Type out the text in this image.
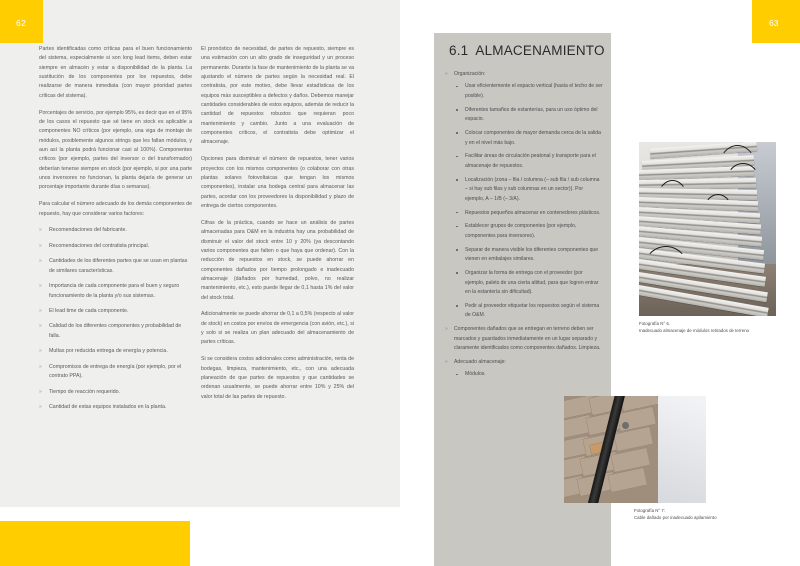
62

Partes identificadas como críticas para el buen funcionamiento del sistema, especialmente si son long lead items, deben estar siempre en almacén y estar a disponibilidad de la planta. La sustitución de los componentes por los repuestos, debe realizarse de manera inmediata (con mayor prioridad partes críticas del sistema).

Porcentajes de servicio, por ejemplo 95%, es decir que en el 95% de los casos el repuesto que sé tiene en stock es aplicable a componentes NO críticos (por ejemplo, una viga de montaje de módulos, posiblemente algunos strings que les faltan módulos, y aun así la planta podrá funcionar casi al 100%). Componentes críticos (por ejemplo, partes del inversor o del transformador) deberían tenerse siempre en stock (por ejemplo, si por una parte unos inversores no funcionan, la planta dejaría de generar un porcentaje importante durante días o semanas).

Para calcular el número adecuado de los demás componentes de repuesto, hay que considerar varios factores:

» Recomendaciones del fabricante.
» Recomendaciones del contratista principal.
» Cantidades de los diferentes partes que se usan en plantas de similares características.
» Importancia de cada componente para el buen y seguro funcionamiento de la planta y/o sus sistemas.
» El lead time de cada componente.
» Calidad de los diferentes componentes y probabilidad de falla.
» Multas por reducida entrega de energía y potencia.
» Compromisos de entrega de energía (por ejemplo, por el contrato PPA).
» Tiempo de reacción requerido.
» Cantidad de estas equipos instalados en la planta.

El pronóstico de necesidad, de partes de repuesto, siempre es una estimación con un alto grado de inseguridad y un proceso permanente. Durante la fase de mantenimiento de la planta se va ajustando el número de partes según la necesidad real. El contratista, por este motivo, debe llevar estadísticas de los equipos más susceptibles a defectos y daños. Debemos manejar cantidades considerables de estos equipos, además de reducir la cantidad de repuestos robustos que requieran poco mantenimiento y cambio. Junto a una evaluación de componentes críticos, el contratista debe optimizar el almacenaje.

Opciones para disminuir el número de repuestos, tener varios proyectos con los mismos componentes (o colaborar con otras plantas solares fotovoltaicas que tengan los mismos componentes), instalar una bodega central para almacenar las partes, acordar con los proveedores la disponibilidad y plazo de entrega de ciertos componentes.

Cifras de la práctica, cuando se hace un análisis de partes almacenadas para O&M en la industria hay una probabilidad de disminuir el valor del stock entre 10 y 20% (ya descontando varios componentes que falten o que haya que ordenar). Con la reducción de repuestos en stock, se puede ahorrar en componentes dañados por tiempo prolongado e inadecuado almacenaje (dañados por humedad, polvo, no realizar mantenimiento, etc.), esto puede llegar de 0,1 hasta 1% del valor del stock total.

Adicionalmente se puede ahorrar de 0,1 a 0,5% (respecto al valor de stock) en costos por envíos de emergencia (con avión, etc.), si y solo si se realiza un plan adecuado del almacenamiento de partes críticas.

Si se considera costos adicionales como administración, renta de bodegas, limpieza, mantenimiento, etc., con una adecuada planeación de que partes de repuestos y que cantidades se ordenan usualmente, se puede ahorrar entre 10% y 25% del valor total de las partes de repuesto.

63
6.1 ALMACENAMIENTO
» Organización:
Usar eficientemente el espacio vertical (hasta el techo de ser posible).
Diferentes tamaños de estanterías, para un uso óptimo del espacio.
Colocar componentes de mayor demanda cerca de la salida y en el nivel más bajo.
Facilitar áreas de circulación peatonal y transporte para el almacenaje de repuestos.
Localización (zona – fila / columna (– sub fila / sub columna – si hay sub filas y sub columnas en un sector)). Por ejemplo, A – 1/B (– 3/A).
Repuestos pequeños almacenar en contenedores plásticos.
Establecer grupos de componentes (por ejemplo, componentes para inversores).
Separar de manera visible los diferentes componentes que vienen en embalajes similares.
Organizar la forma de entrega con el proveedor (por ejemplo, palets de una cierta altitud, para que logren entrar en la estantería sin dificultad).
Pedir al proveedor etiquetar los repuestos según el sistema de O&M.
» Componentes dañados que se entregan en terreno deben ser marcados y guardados inmediatamente en un lugar separado y claramente identificados como componentes dañados. Limpieza.
» Adecuado almacenaje:
Módulos.
Fotografía N° 6.
Inadecuado almacenaje de módulos retirados de terreno
Fotografía N° 7:
Cable dañado por inadecuado apilamiento
